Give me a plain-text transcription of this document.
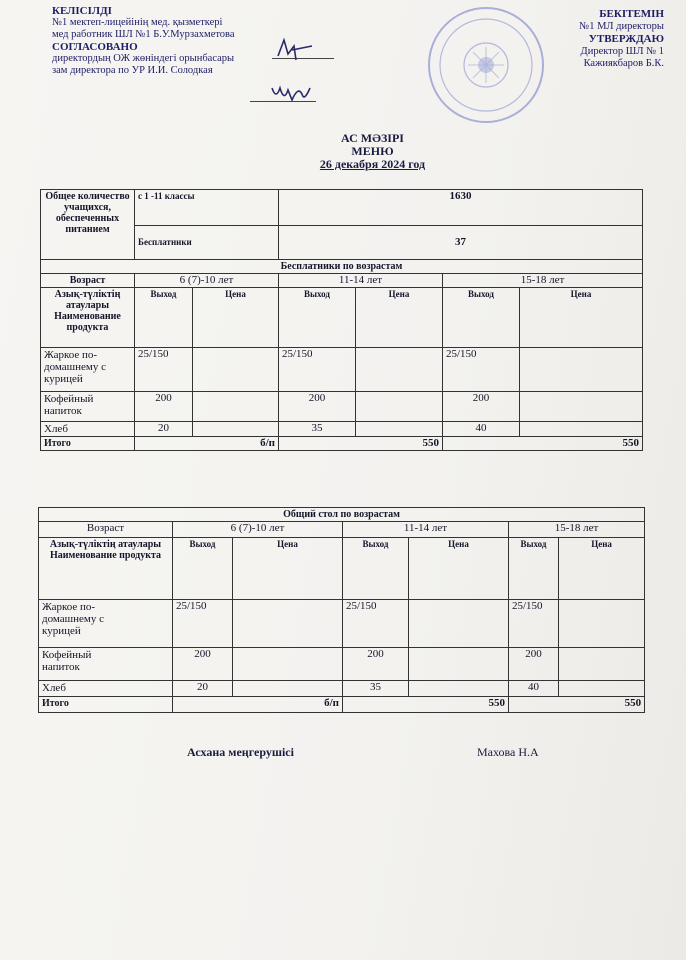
КЕЛІСІЛДІ
№1 мектеп-лицейінің мед. қызметкері
мед работник ШЛ №1 Б.У.Мурзахметова
СОГЛАСОВАНО
директордың ОЖ жөніндегі орынбасары
зам директора по УР И.И. Солодкая
БЕКІТЕМІН
№1 МЛ директоры
УТВЕРЖДАЮ
Директор ШЛ № 1
Кажиякбаров Б.К.
АС МӘЗІРІ
МЕНЮ
26 декабря 2024 год
Общее количество учащихся, обеспеченных питанием	с 1 -11 классы		1630			
	Бесплатники		37			
Бесплатники по возрастам						
Возраст	6 (7)-10 лет		11-14 лет		15-18 лет	
Азық-түліктің атаулары Наименование продукта	Выход	Цена	Выход	Цена	Выход	Цена
Жаркое по-домашнему с курицей	25/150		25/150		25/150	
Кофейный напиток	200		200		200	
Хлеб	20		35		40	
Итого	б/п		550		550	
Общий стол по возрастам						
Возраст	6 (7)-10 лет		11-14 лет		15-18 лет	
Азық-түліктің атаулары Наименование продукта	Выход	Цена	Выход	Цена	Выход	Цена
Жаркое по-домашнему с курицей	25/150		25/150		25/150	
Кофейный напиток	200		200		200	
Хлеб	20		35		40	
Итого	б/п		550		550	
Асхана меңгерушісі	Махова Н.А
